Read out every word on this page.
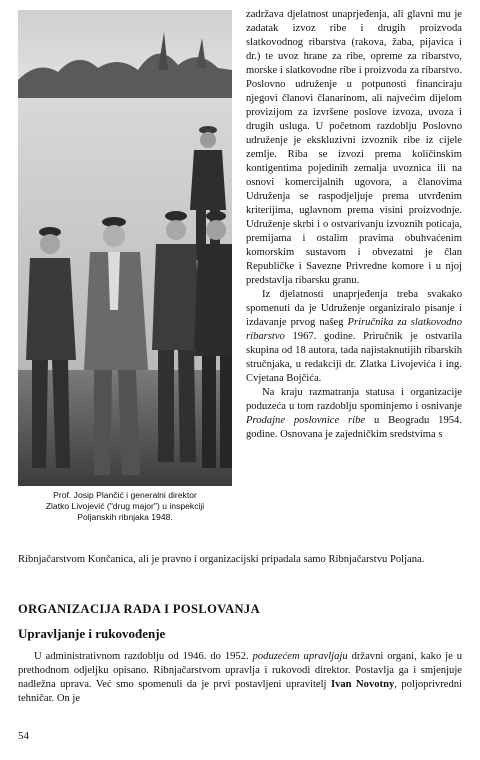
Prof. Josip Plančić i generalni direktor
Zlatko Livojević ("drug major") u inspekciji
Poljanskih ribnjaka 1948.

zadržava djelatnost unaprjeđenja, ali glavni mu je zadatak izvoz ribe i drugih proizvoda slatkovodnog ribarstva (rakova, žaba, pijavica i dr.) te uvoz hrane za ribe, opreme za ribarstvo, morske i slatkovodne ribe i proizvoda za ribarstvo. Poslovno udruženje u potpunosti financiraju njegovi članovi članarinom, ali najvećim dijelom provizijom za izvršene poslove izvoza, uvoza i drugih usluga. U početnom razdoblju Poslovno udruženje je ekskluzivni izvoznik ribe iz cijele zemlje. Riba se izvozi prema količinskim kontigentima pojedinih zemalja uvoznica ili na osnovi komercijalnih ugovora, a članovima Udruženja se raspodjeljuje prema utvrđenim kriterijima, uglavnom prema visini proizvodnje. Udruženje skrbi i o ostvarivanju izvoznih poticaja, premijama i ostalim pravima obuhvaćenim komorskim sustavom i obvezatni je član Republičke i Savezne Privredne komore i u njoj predstavlja ribarsku granu.

Iz djelatnosti unaprjeđenja treba svakako spomenuti da je Udruženje organiziralo pisanje i izdavanje prvog našeg Priručnika za slatkovodno ribarstvo 1967. godine. Priručnik je ostvarila skupina od 18 autora, tada najistaknutijih ribarskih stručnjaka, u redakciji dr. Zlatka Livojevića i ing. Cvjetana Bojčića.

Na kraju razmatranja statusa i organizacije poduzeća u tom razdoblju spominjemo i osnivanje Prodajne poslovnice ribe u Beogradu 1954. godine. Osnovana je zajedničkim sredstvima s

Ribnjačarstvom Končanica, ali je pravno i organizacijski pripadala samo Ribnjačarstvu Poljana.
ORGANIZACIJA RADA I POSLOVANJA
Upravljanje i rukovođenje

U administrativnom razdoblju od 1946. do 1952. poduzećem upravljaju državni organi, kako je u prethodnom odjeljku opisano. Ribnjačarstvom upravlja i rukovodi direktor. Postavlja ga i smjenjuje nadležna uprava. Već smo spomenuli da je prvi postavljeni upravitelj Ivan Novotny, poljoprivredni tehničar. On je

54
